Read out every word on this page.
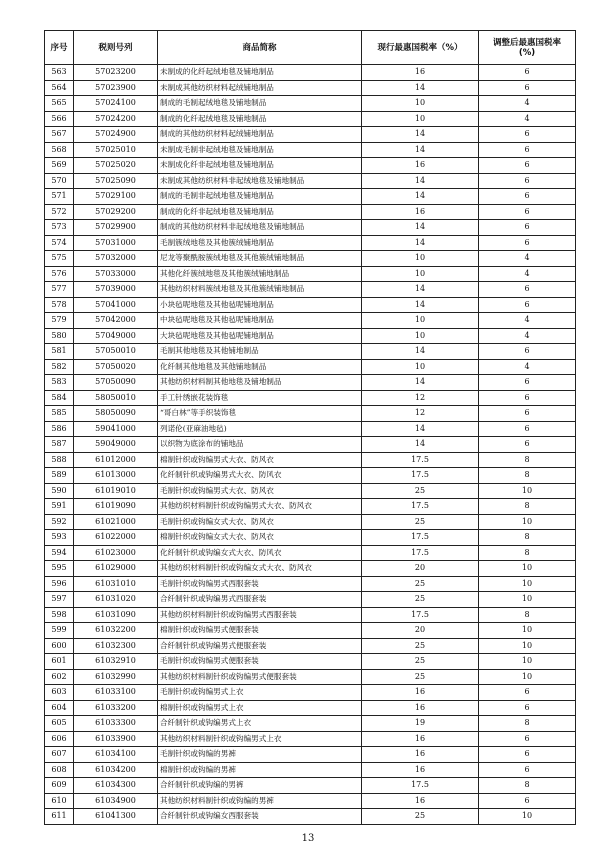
序号	税则号列	商品简称	现行最惠国税率（%）	调整后最惠国税率
(%)
563	57023200	未制成的化纤起绒地毯及铺地制品	16	6
564	57023900	未制成其他纺织材料起绒铺地制品	14	6
565	57024100	制成的毛制起绒地毯及铺地制品	10	4
566	57024200	制成的化纤起绒地毯及铺地制品	10	4
567	57024900	制成的其他纺织材料起绒铺地制品	14	6
568	57025010	未制成毛制非起绒地毯及铺地制品	14	6
569	57025020	未制成化纤非起绒地毯及铺地制品	16	6
570	57025090	未制成其他纺织材料非起绒地毯及铺地制品	14	6
571	57029100	制成的毛制非起绒地毯及铺地制品	14	6
572	57029200	制成的化纤非起绒地毯及铺地制品	16	6
573	57029900	制成的其他纺织材料非起绒地毯及铺地制品	14	6
574	57031000	毛制簇绒地毯及其他簇绒铺地制品	14	6
575	57032000	尼龙等聚酰胺簇绒地毯及其他簇绒铺地制品	10	4
576	57033000	其他化纤簇绒地毯及其他簇绒铺地制品	10	4
577	57039000	其他纺织材料簇绒地毯及其他簇绒铺地制品	14	6
578	57041000	小块毡呢地毯及其他毡呢铺地制品	14	6
579	57042000	中块毡呢地毯及其他毡呢铺地制品	10	4
580	57049000	大块毡呢地毯及其他毡呢铺地制品	10	4
581	57050010	毛制其他地毯及其他铺地制品	14	6
582	57050020	化纤制其他地毯及其他铺地制品	10	4
583	57050090	其他纺织材料制其他地毯及铺地制品	14	6
584	58050010	手工针绣嵌花装饰毯	12	6
585	58050090	“哥白林”等手织装饰毯	12	6
586	59041000	列诺伦(亚麻油地毡)	14	6
587	59049000	以织物为底涂布的铺地品	14	6
588	61012000	棉制针织或钩编男式大衣、防风衣	17.5	8
589	61013000	化纤制针织或钩编男式大衣、防风衣	17.5	8
590	61019010	毛制针织或钩编男式大衣、防风衣	25	10
591	61019090	其他纺织材料制针织或钩编男式大衣、防风衣	17.5	8
592	61021000	毛制针织或钩编女式大衣、防风衣	25	10
593	61022000	棉制针织或钩编女式大衣、防风衣	17.5	8
594	61023000	化纤制针织或钩编女式大衣、防风衣	17.5	8
595	61029000	其他纺织材料制针织或钩编女式大衣、防风衣	20	10
596	61031010	毛制针织或钩编男式西服套装	25	10
597	61031020	合纤制针织或钩编男式西服套装	25	10
598	61031090	其他纺织材料制针织或钩编男式西服套装	17.5	8
599	61032200	棉制针织或钩编男式便服套装	20	10
600	61032300	合纤制针织或钩编男式便服套装	25	10
601	61032910	毛制针织或钩编男式便服套装	25	10
602	61032990	其他纺织材料制针织或钩编男式便服套装	25	10
603	61033100	毛制针织或钩编男式上衣	16	6
604	61033200	棉制针织或钩编男式上衣	16	6
605	61033300	合纤制针织或钩编男式上衣	19	8
606	61033900	其他纺织材料制针织或钩编男式上衣	16	6
607	61034100	毛制针织或钩编的男裤	16	6
608	61034200	棉制针织或钩编的男裤	16	6
609	61034300	合纤制针织或钩编的男裤	17.5	8
610	61034900	其他纺织材料制针织或钩编的男裤	16	6
611	61041300	合纤制针织或钩编女西服套装	25	10
13
